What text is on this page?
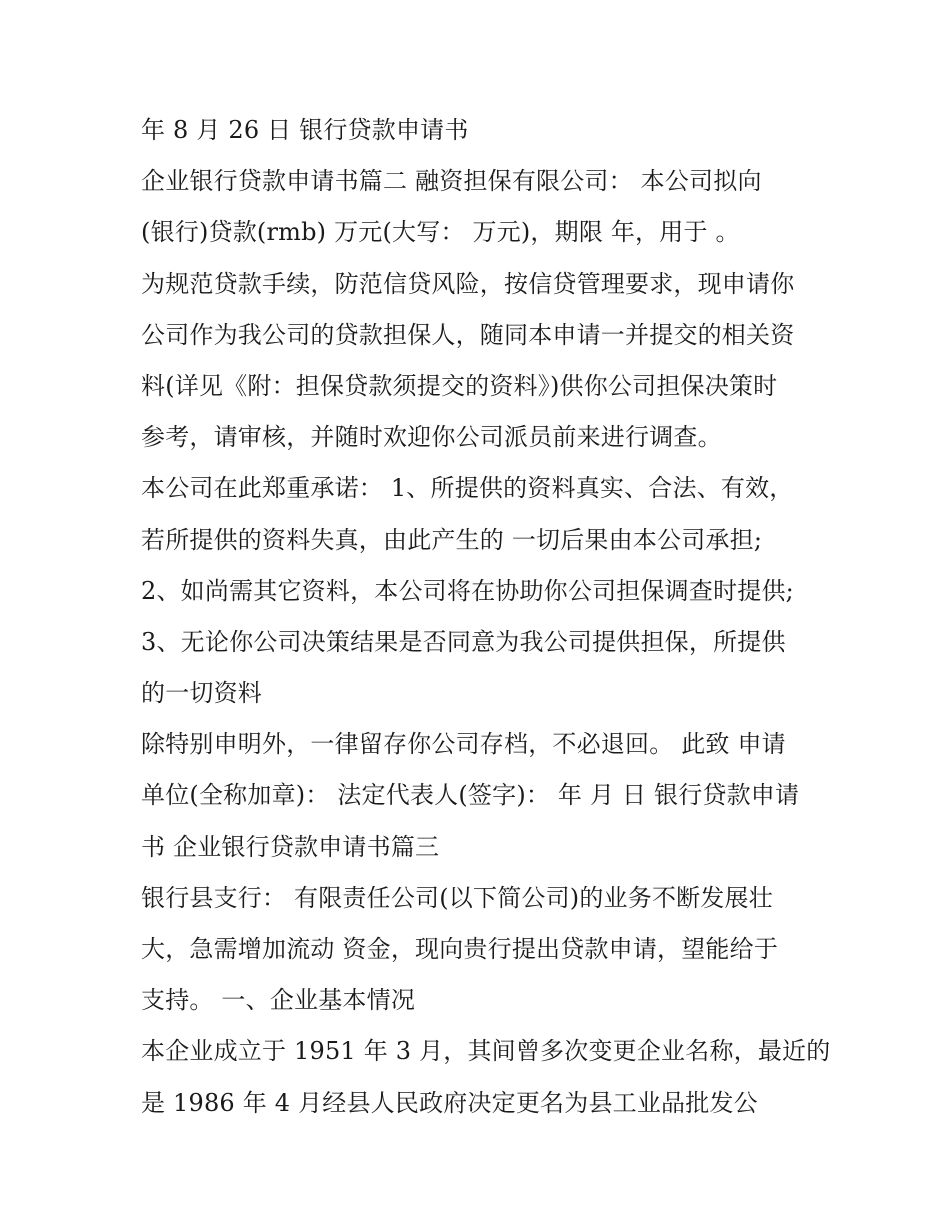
年 8 月 26 日 银行贷款申请书
企业银行贷款申请书篇二 融资担保有限公司： 本公司拟向
(银行)贷款(rmb) 万元(大写： 万元)，期限 年，用于 。
为规范贷款手续，防范信贷风险，按信贷管理要求，现申请你
公司作为我公司的贷款担保人，随同本申请一并提交的相关资
料(详见《附：担保贷款须提交的资料》)供你公司担保决策时
参考，请审核，并随时欢迎你公司派员前来进行调查。
本公司在此郑重承诺： 1、所提供的资料真实、合法、有效，
若所提供的资料失真，由此产生的 一切后果由本公司承担;
2、如尚需其它资料，本公司将在协助你公司担保调查时提供;
3、无论你公司决策结果是否同意为我公司提供担保，所提供
的一切资料
除特别申明外，一律留存你公司存档，不必退回。 此致 申请
单位(全称加章)： 法定代表人(签字)： 年 月 日 银行贷款申请
书 企业银行贷款申请书篇三
银行县支行： 有限责任公司(以下简公司)的业务不断发展壮
大，急需增加流动 资金，现向贵行提出贷款申请，望能给于
支持。 一、企业基本情况
本企业成立于 1951 年 3 月，其间曾多次变更企业名称，最近的
是 1986 年 4 月经县人民政府决定更名为县工业品批发公
